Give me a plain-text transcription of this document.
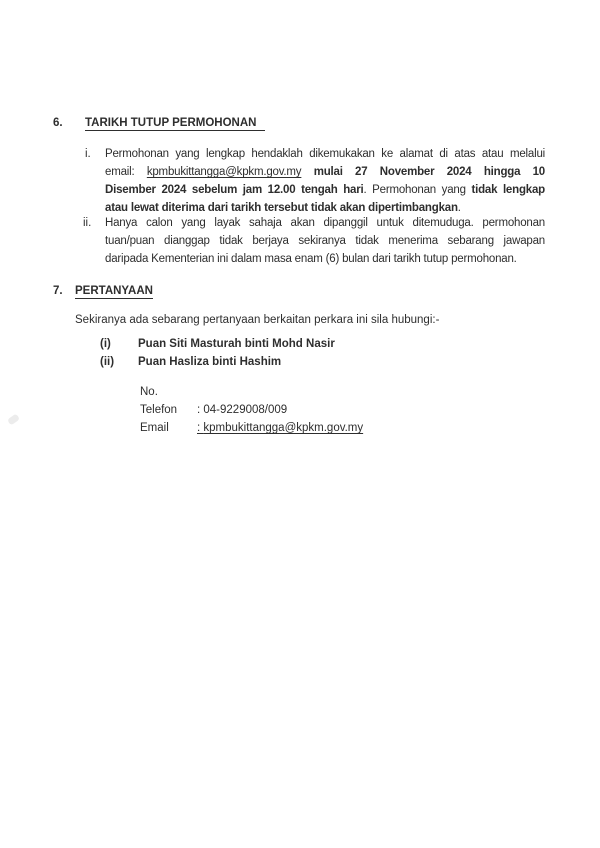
6. TARIKH TUTUP PERMOHONAN
i. Permohonan yang lengkap hendaklah dikemukakan ke alamat di atas atau melalui
email: kpmbukittangga@kpkm.gov.my mulai 27 November 2024 hingga 10
Disember 2024 sebelum jam 12.00 tengah hari. Permohonan yang tidak lengkap
atau lewat diterima dari tarikh tersebut tidak akan dipertimbangkan.
ii. Hanya calon yang layak sahaja akan dipanggil untuk ditemuduga. permohonan
tuan/puan dianggap tidak berjaya sekiranya tidak menerima sebarang jawapan
daripada Kementerian ini dalam masa enam (6) bulan dari tarikh tutup permohonan.
7. PERTANYAAN
Sekiranya ada sebarang pertanyaan berkaitan perkara ini sila hubungi:-
(i) Puan Siti Masturah binti Mohd Nasir
(ii) Puan Hasliza binti Hashim
No. Telefon : 04-9229008/009
Email : kpmbukittangga@kpkm.gov.my
